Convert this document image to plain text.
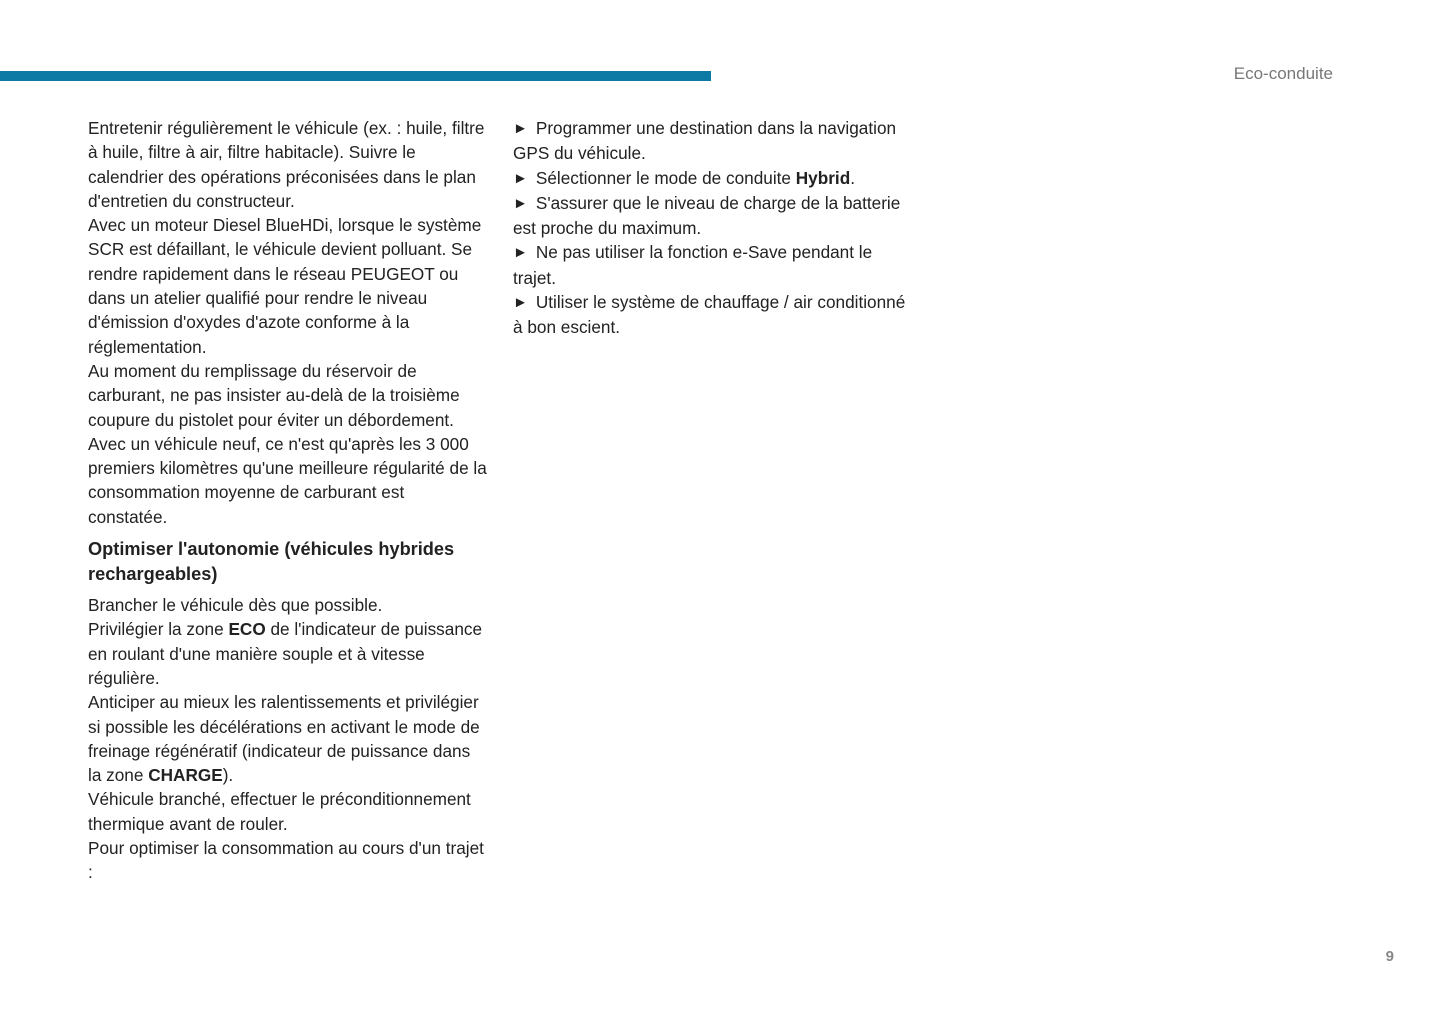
Eco-conduite

Entretenir régulièrement le véhicule (ex. : huile, filtre à huile, filtre à air, filtre habitacle). Suivre le calendrier des opérations préconisées dans le plan d'entretien du constructeur.

Avec un moteur Diesel BlueHDi, lorsque le système SCR est défaillant, le véhicule devient polluant. Se rendre rapidement dans le réseau PEUGEOT ou dans un atelier qualifié pour rendre le niveau d'émission d'oxydes d'azote conforme à la réglementation.

Au moment du remplissage du réservoir de carburant, ne pas insister au-delà de la troisième coupure du pistolet pour éviter un débordement.

Avec un véhicule neuf, ce n'est qu'après les 3 000 premiers kilomètres qu'une meilleure régularité de la consommation moyenne de carburant est constatée.

Optimiser l'autonomie (véhicules hybrides rechargeables)

Brancher le véhicule dès que possible.

Privilégier la zone ECO de l'indicateur de puissance en roulant d'une manière souple et à vitesse régulière.

Anticiper au mieux les ralentissements et privilégier si possible les décélérations en activant le mode de freinage régénératif (indicateur de puissance dans la zone CHARGE).

Véhicule branché, effectuer le préconditionnement thermique avant de rouler.

Pour optimiser la consommation au cours d'un trajet :

► Programmer une destination dans la navigation GPS du véhicule.

► Sélectionner le mode de conduite Hybrid.

► S'assurer que le niveau de charge de la batterie est proche du maximum.

► Ne pas utiliser la fonction e-Save pendant le trajet.

► Utiliser le système de chauffage / air conditionné à bon escient.

9
